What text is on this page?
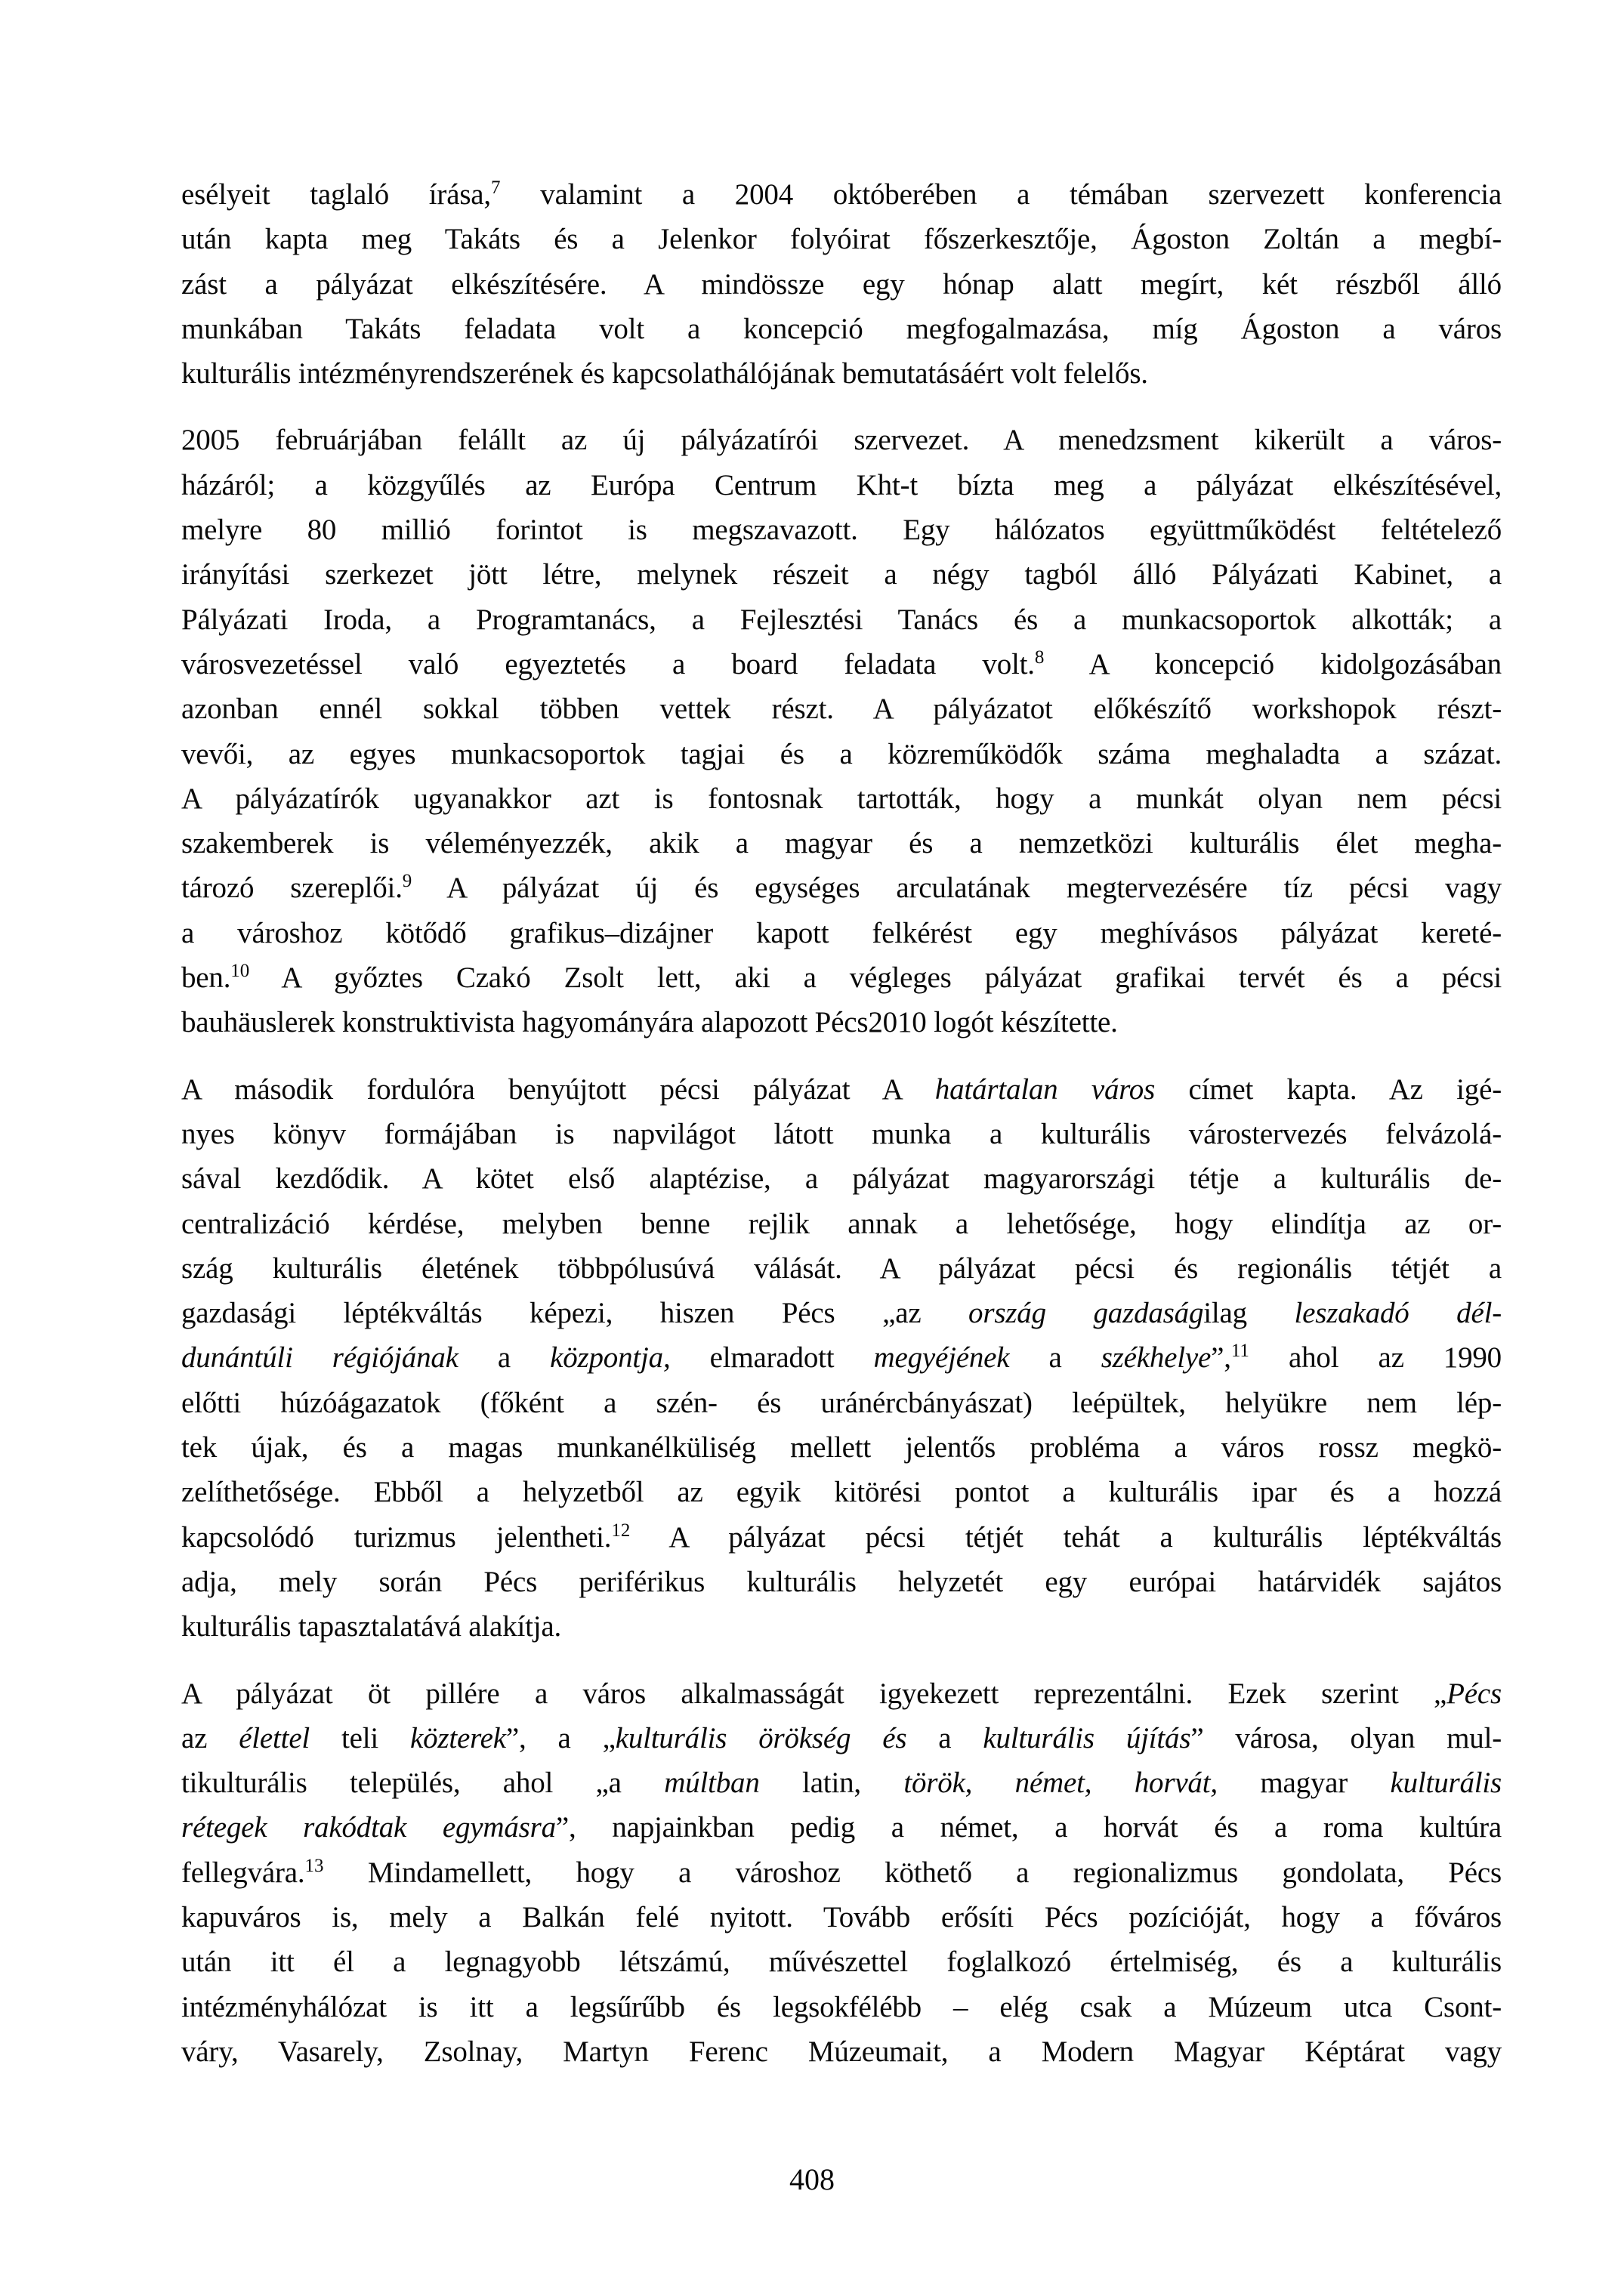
esélyeit taglaló írása,$^7$ valamint a 2004 októberében a témában szervezett konferencia
után kapta meg Takáts és a Jelenkor folyóirat főszerkesztője, Ágoston Zoltán a megbí-
zást a pályázat elkészítésére. A mindössze egy hónap alatt megírt, két részből álló
munkában Takáts feladata volt a koncepció megfogalmazása, míg Ágoston a város
kulturális intézményrendszerének és kapcsolathálójának bemutatásáért volt felelős.
2005 februárjában felállt az új pályázatírói szervezet. A menedzsment kikerült a város-
házáról; a közgyűlés az Európa Centrum Kht-t bízta meg a pályázat elkészítésével,
melyre 80 millió forintot is megszavazott. Egy hálózatos együttműködést feltételező
irányítási szerkezet jött létre, melynek részeit a négy tagból álló Pályázati Kabinet, a
Pályázati Iroda, a Programtanács, a Fejlesztési Tanács és a munkacsoportok alkották; a
városvezetéssel való egyeztetés a board feladata volt.$^8$ A koncepció kidolgozásában
azonban ennél sokkal többen vettek részt. A pályázatot előkészítő workshopok részt-
vevői, az egyes munkacsoportok tagjai és a közreműködők száma meghaladta a százat.
A pályázatírók ugyanakkor azt is fontosnak tartották, hogy a munkát olyan nem pécsi
szakemberek is véleményezzék, akik a magyar és a nemzetközi kulturális élet megha-
tározó szereplői.$^9$ A pályázat új és egységes arculatának megtervezésére tíz pécsi vagy
a városhoz kötődő grafikus–dizájner kapott felkérést egy meghívásos pályázat kereté-
ben.$^{10}$ A győztes Czakó Zsolt lett, aki a végleges pályázat grafikai tervét és a pécsi
bauhäuslerek konstruktivista hagyományára alapozott Pécs2010 logót készítette.
A második fordulóra benyújtott pécsi pályázat A határtalan város címet kapta. Az igé-
nyes könyv formájában is napvilágot látott munka a kulturális várostervezés felvázolá-
sával kezdődik. A kötet első alaptézise, a pályázat magyarországi tétje a kulturális de-
centralizáció kérdése, melyben benne rejlik annak a lehetősége, hogy elindítja az or-
szág kulturális életének többpólusúvá válását. A pályázat pécsi és regionális tétjét a
gazdasági léptékváltás képezi, hiszen Pécs „az ország gazdaságilag leszakadó dél-
dunántúli régiójának a központja, elmaradott megyéjének a székhelye”,$^{11}$ ahol az 1990
előtti húzóágazatok (főként a szén- és uránércbányászat) leépültek, helyükre nem lép-
tek újak, és a magas munkanélküliség mellett jelentős probléma a város rossz megkö-
zelíthetősége. Ebből a helyzetből az egyik kitörési pontot a kulturális ipar és a hozzá
kapcsolódó turizmus jelentheti.$^{12}$ A pályázat pécsi tétjét tehát a kulturális léptékváltás
adja, mely során Pécs periférikus kulturális helyzetét egy európai határvidék sajátos
kulturális tapasztalatává alakítja.
A pályázat öt pillére a város alkalmasságát igyekezett reprezentálni. Ezek szerint „Pécs
az élettel teli közterek”, a „kulturális örökség és a kulturális újítás” városa, olyan mul-
tikulturális település, ahol „a múltban latin, török, német, horvát, magyar kulturális
rétegek rakódtak egymásra”, napjainkban pedig a német, a horvát és a roma kultúra
fellegvára.$^{13}$ Mindamellett, hogy a városhoz köthető a regionalizmus gondolata, Pécs
kapuváros is, mely a Balkán felé nyitott. Tovább erősíti Pécs pozícióját, hogy a főváros
után itt él a legnagyobb létszámú, művészettel foglalkozó értelmiség, és a kulturális
intézményhálózat is itt a legsűrűbb és legsokfélébb – elég csak a Múzeum utca Csont-
váry, Vasarely, Zsolnay, Martyn Ferenc Múzeumait, a Modern Magyar Képtárat vagy
408
